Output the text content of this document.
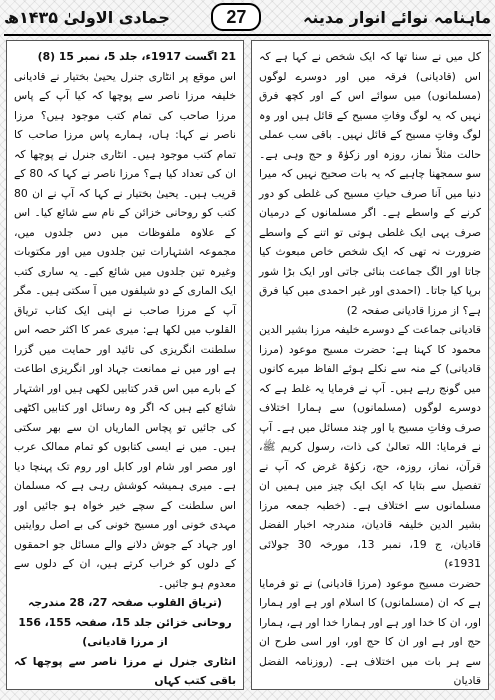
جمادی الاولیٰ ۱۴۳۵ھ	27	ماہنامہ نوائے انوار مدینہ

کل میں نے سنا تھا کہ ایک شخص نے کہا ہے کہ اس (قادیانی) فرقہ میں اور دوسرے لوگوں (مسلمانوں) میں سوائے اس کے اور کچھ فرق نہیں کہ یہ لوگ وفاتِ مسیح کے قائل ہیں اور وہ لوگ وفاتِ مسیح کے قائل نہیں۔ باقی سب عملی حالت مثلاً نماز، روزہ اور زکوٰۃ و حج وہی ہے۔ سو سمجھنا چاہیے کہ یہ بات صحیح نہیں کہ میرا دنیا میں آنا صرف حیاتِ مسیح کی غلطی کو دور کرنے کے واسطے ہے۔ اگر مسلمانوں کے درمیان صرف یہی ایک غلطی ہوتی تو اتنے کے واسطے ضرورت نہ تھی کہ ایک شخص خاص مبعوث کیا جاتا اور الگ جماعت بنائی جاتی اور ایک بڑا شور برپا کیا جاتا۔ (احمدی اور غیر احمدی میں کیا فرق ہے؟ از مرزا قادیانی صفحہ 2)

قادیانی جماعت کے دوسرے خلیفہ مرزا بشیر الدین محمود کا کہنا ہے: حضرت مسیح موعود (مرزا قادیانی) کے منہ سے نکلے ہوئے الفاظ میرے کانوں میں گونج رہے ہیں۔ آپ نے فرمایا یہ غلط ہے کہ دوسرے لوگوں (مسلمانوں) سے ہمارا اختلاف صرف وفاتِ مسیح یا اور چند مسائل میں ہے۔ آپ نے فرمایا: اللہ تعالیٰ کی ذات، رسول کریم ﷺ، قرآن، نماز، روزہ، حج، زکوٰۃ غرض کہ آپ نے تفصیل سے بتایا کہ ایک ایک چیز میں ہمیں ان مسلمانوں سے اختلاف ہے۔ (خطبہ جمعہ مرزا بشیر الدین خلیفہ قادیان، مندرجہ اخبار الفضل قادیان، ج 19، نمبر 13، مورخہ 30 جولائی 1931ء)

حضرت مسیح موعود (مرزا قادیانی) نے تو فرمایا ہے کہ ان (مسلمانوں) کا اسلام اور ہے اور ہمارا اور، ان کا خدا اور ہے اور ہمارا خدا اور ہے، ہمارا حج اور ہے اور ان کا حج اور، اور اسی طرح ان سے ہر بات میں اختلاف ہے۔ (روزنامہ الفضل قادیان

21 اگست 1917ء، جلد 5، نمبر 15 (8)

اس موقع پر انٹاری جنرل یحییٰ بختیار نے قادیانی خلیفہ مرزا ناصر سے پوچھا کہ کیا آپ کے پاس مرزا صاحب کی تمام کتب موجود ہیں؟ مرزا ناصر نے کہا: ہاں، ہمارے پاس مرزا صاحب کا تمام کتب موجود ہیں۔ انٹاری جنرل نے پوچھا کہ ان کی تعداد کیا ہے؟ مرزا ناصر نے کہا کہ 80 کے قریب ہیں۔ یحییٰ بختیار نے کہا کہ آپ نے ان 80 کتب کو روحانی خزائن کے نام سے شائع کیا۔ اس کے علاوہ ملفوظات میں دس جلدوں میں، مجموعہ اشتہارات تین جلدوں میں اور مکتوبات وغیرہ تین جلدوں میں شائع کیے۔ یہ ساری کتب ایک الماری کے دو شیلفوں میں آ سکتی ہیں۔ مگر آپ کے مرزا صاحب نے اپنی ایک کتاب تریاق القلوب میں لکھا ہے: میری عمر کا اکثر حصہ اس سلطنت انگریزی کی تائید اور حمایت میں گزرا ہے اور میں نے ممانعت جہاد اور انگریزی اطاعت کے بارے میں اس قدر کتابیں لکھی ہیں اور اشتہار شائع کیے ہیں کہ اگر وہ رسائل اور کتابیں اکٹھی کی جائیں تو پچاس الماریاں ان سے بھر سکتی ہیں۔ میں نے ایسی کتابوں کو تمام ممالک عرب اور مصر اور شام اور کابل اور روم تک پہنچا دیا ہے۔ میری ہمیشہ کوشش رہی ہے کہ مسلمان اس سلطنت کے سچے خیر خواہ ہو جائیں اور مہدی خونی اور مسیح خونی کی بے اصل روایتیں اور جہاد کے جوش دلانے والے مسائل جو احمقوں کے دلوں کو خراب کرتے ہیں، ان کے دلوں سے معدوم ہو جائیں۔

(تریاق القلوب صفحہ 27، 28 مندرجہ روحانی خزائن جلد 15، صفحہ 155، 156 از مرزا قادیانی)

انٹاری جنرل نے مرزا ناصر سے پوچھا کہ باقی کتب کہاں
